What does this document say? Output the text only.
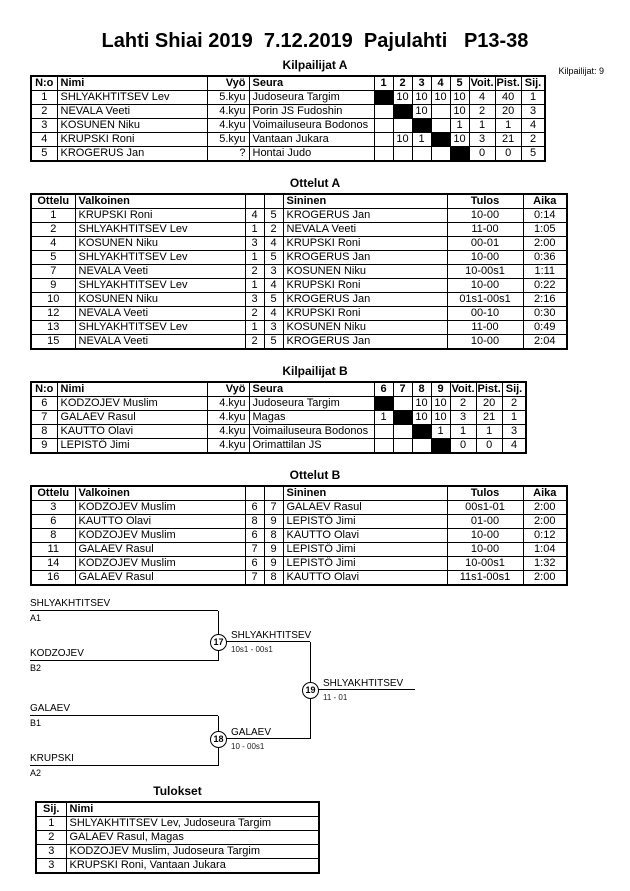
Lahti Shiai 2019  7.12.2019  Pajulahti   P13-38
Kilpailijat: 9
Kilpailijat A
N:o	Nimi	Vyö	Seura	1	2	3	4	5	Voit.	Pist.	Sij.
1	SHLYAKHTITSEV Lev	5.kyu	Judoseura Targim		10	10	10	10	4	40	1
2	NEVALA Veeti	4.kyu	Porin JS Fudoshin			10		10	2	20	3
3	KOSUNEN Niku	4.kyu	Voimailuseura Bodonos					1	1	1	4
4	KRUPSKI Roni	5.kyu	Vantaan Jukara		10	1		10	3	21	2
5	KROGERUS Jan	?	Hontai Judo						0	0	5
Ottelut A
Ottelu	Valkoinen			Sininen	Tulos	Aika
1	KRUPSKI Roni	4	5	KROGERUS Jan	10-00	0:14
2	SHLYAKHTITSEV Lev	1	2	NEVALA Veeti	11-00	1:05
4	KOSUNEN Niku	3	4	KRUPSKI Roni	00-01	2:00
5	SHLYAKHTITSEV Lev	1	5	KROGERUS Jan	10-00	0:36
7	NEVALA Veeti	2	3	KOSUNEN Niku	10-00s1	1:11
9	SHLYAKHTITSEV Lev	1	4	KRUPSKI Roni	10-00	0:22
10	KOSUNEN Niku	3	5	KROGERUS Jan	01s1-00s1	2:16
12	NEVALA Veeti	2	4	KRUPSKI Roni	00-10	0:30
13	SHLYAKHTITSEV Lev	1	3	KOSUNEN Niku	11-00	0:49
15	NEVALA Veeti	2	5	KROGERUS Jan	10-00	2:04
Kilpailijat B
N:o	Nimi	Vyö	Seura	6	7	8	9	Voit.	Pist.	Sij.
6	KODZOJEV Muslim	4.kyu	Judoseura Targim			10	10	2	20	2
7	GALAEV Rasul	4.kyu	Magas	1		10	10	3	21	1
8	KAUTTO Olavi	4.kyu	Voimailuseura Bodonos				1	1	1	3
9	LEPISTÖ Jimi	4.kyu	Orimattilan JS					0	0	4
Ottelut B
Ottelu	Valkoinen			Sininen	Tulos	Aika
3	KODZOJEV Muslim	6	7	GALAEV Rasul	00s1-01	2:00
6	KAUTTO Olavi	8	9	LEPISTÖ Jimi	01-00	2:00
8	KODZOJEV Muslim	6	8	KAUTTO Olavi	10-00	0:12
11	GALAEV Rasul	7	9	LEPISTÖ Jimi	10-00	1:04
14	KODZOJEV Muslim	6	9	LEPISTÖ Jimi	10-00s1	1:32
16	GALAEV Rasul	7	8	KAUTTO Olavi	11s1-00s1	2:00
SHLYAKHTITSEV
A1
KODZOJEV
B2
SHLYAKHTITSEV
10s1 - 00s1
17
GALAEV
B1
KRUPSKI
A2
GALAEV
10 - 00s1
18
SHLYAKHTITSEV
11 - 01
19
Tulokset
Sij.	Nimi
1	SHLYAKHTITSEV Lev, Judoseura Targim
2	GALAEV Rasul, Magas
3	KODZOJEV Muslim, Judoseura Targim
3	KRUPSKI Roni, Vantaan Jukara
